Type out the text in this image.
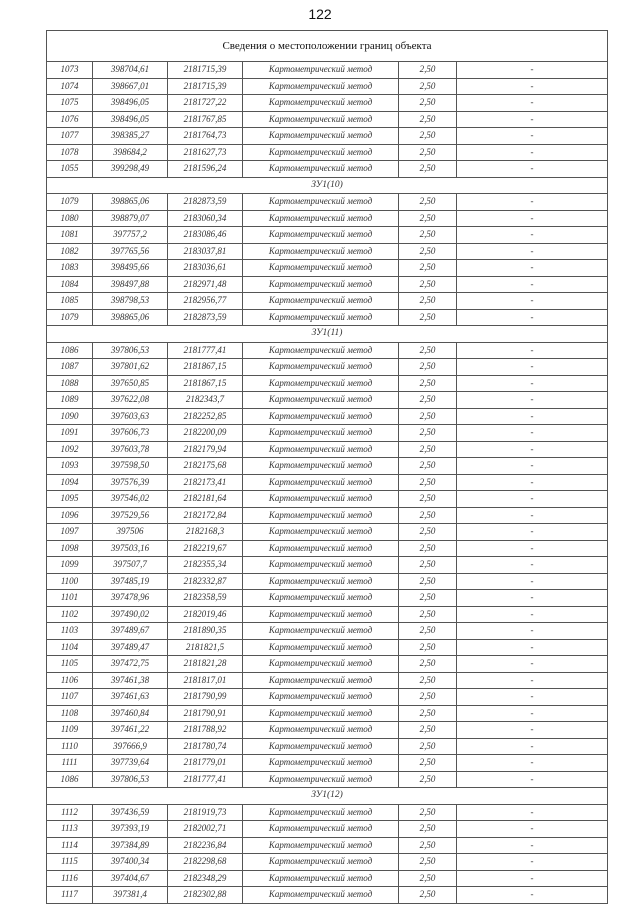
122
Сведения о местоположении границ объекта					
1073	398704,61	2181715,39	Картометрический метод	2,50	-
1074	398667,01	2181715,39	Картометрический метод	2,50	-
1075	398496,05	2181727,22	Картометрический метод	2,50	-
1076	398496,05	2181767,85	Картометрический метод	2,50	-
1077	398385,27	2181764,73	Картометрический метод	2,50	-
1078	398684,2	2181627,73	Картометрический метод	2,50	-
1055	399298,49	2181596,24	Картометрический метод	2,50	-
ЗУ1(10)					
1079	398865,06	2182873,59	Картометрический метод	2,50	-
1080	398879,07	2183060,34	Картометрический метод	2,50	-
1081	397757,2	2183086,46	Картометрический метод	2,50	-
1082	397765,56	2183037,81	Картометрический метод	2,50	-
1083	398495,66	2183036,61	Картометрический метод	2,50	-
1084	398497,88	2182971,48	Картометрический метод	2,50	-
1085	398798,53	2182956,77	Картометрический метод	2,50	-
1079	398865,06	2182873,59	Картометрический метод	2,50	-
ЗУ1(11)					
1086	397806,53	2181777,41	Картометрический метод	2,50	-
1087	397801,62	2181867,15	Картометрический метод	2,50	-
1088	397650,85	2181867,15	Картометрический метод	2,50	-
1089	397622,08	2182343,7	Картометрический метод	2,50	-
1090	397603,63	2182252,85	Картометрический метод	2,50	-
1091	397606,73	2182200,09	Картометрический метод	2,50	-
1092	397603,78	2182179,94	Картометрический метод	2,50	-
1093	397598,50	2182175,68	Картометрический метод	2,50	-
1094	397576,39	2182173,41	Картометрический метод	2,50	-
1095	397546,02	2182181,64	Картометрический метод	2,50	-
1096	397529,56	2182172,84	Картометрический метод	2,50	-
1097	397506	2182168,3	Картометрический метод	2,50	-
1098	397503,16	2182219,67	Картометрический метод	2,50	-
1099	397507,7	2182355,34	Картометрический метод	2,50	-
1100	397485,19	2182332,87	Картометрический метод	2,50	-
1101	397478,96	2182358,59	Картометрический метод	2,50	-
1102	397490,02	2182019,46	Картометрический метод	2,50	-
1103	397489,67	2181890,35	Картометрический метод	2,50	-
1104	397489,47	2181821,5	Картометрический метод	2,50	-
1105	397472,75	2181821,28	Картометрический метод	2,50	-
1106	397461,38	2181817,01	Картометрический метод	2,50	-
1107	397461,63	2181790,99	Картометрический метод	2,50	-
1108	397460,84	2181790,91	Картометрический метод	2,50	-
1109	397461,22	2181788,92	Картометрический метод	2,50	-
1110	397666,9	2181780,74	Картометрический метод	2,50	-
1111	397739,64	2181779,01	Картометрический метод	2,50	-
1086	397806,53	2181777,41	Картометрический метод	2,50	-
ЗУ1(12)					
1112	397436,59	2181919,73	Картометрический метод	2,50	-
1113	397393,19	2182002,71	Картометрический метод	2,50	-
1114	397384,89	2182236,84	Картометрический метод	2,50	-
1115	397400,34	2182298,68	Картометрический метод	2,50	-
1116	397404,67	2182348,29	Картометрический метод	2,50	-
1117	397381,4	2182302,88	Картометрический метод	2,50	-
